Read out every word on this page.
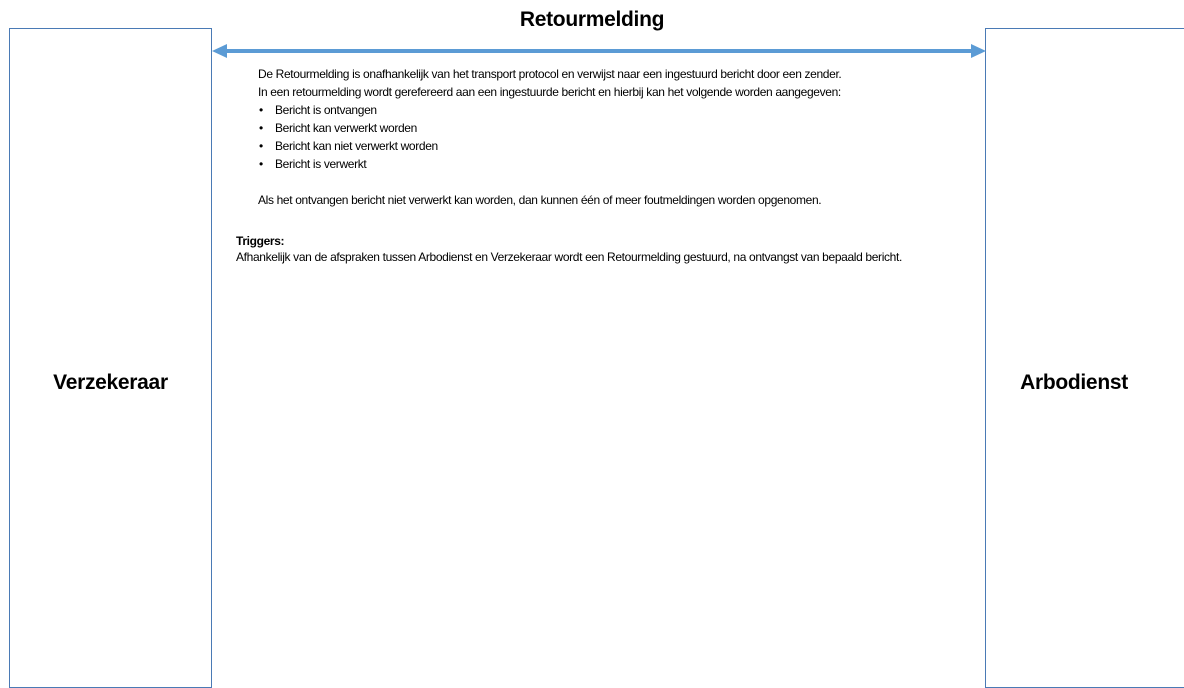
Verzekeraar	Arbodienst
Retourmelding

De Retourmelding is onafhankelijk van het transport protocol en verwijst naar een ingestuurd bericht door een zender.

In een retourmelding wordt gerefereerd aan een ingestuurde bericht en hierbij kan het volgende worden aangegeven:

• Bericht is ontvangen
• Bericht kan verwerkt worden
• Bericht kan niet verwerkt worden
• Bericht is verwerkt

Als het ontvangen bericht niet verwerkt kan worden, dan kunnen één of meer foutmeldingen worden opgenomen.

Triggers:
Afhankelijk van de afspraken tussen Arbodienst en Verzekeraar wordt een Retourmelding gestuurd, na ontvangst van bepaald bericht.
